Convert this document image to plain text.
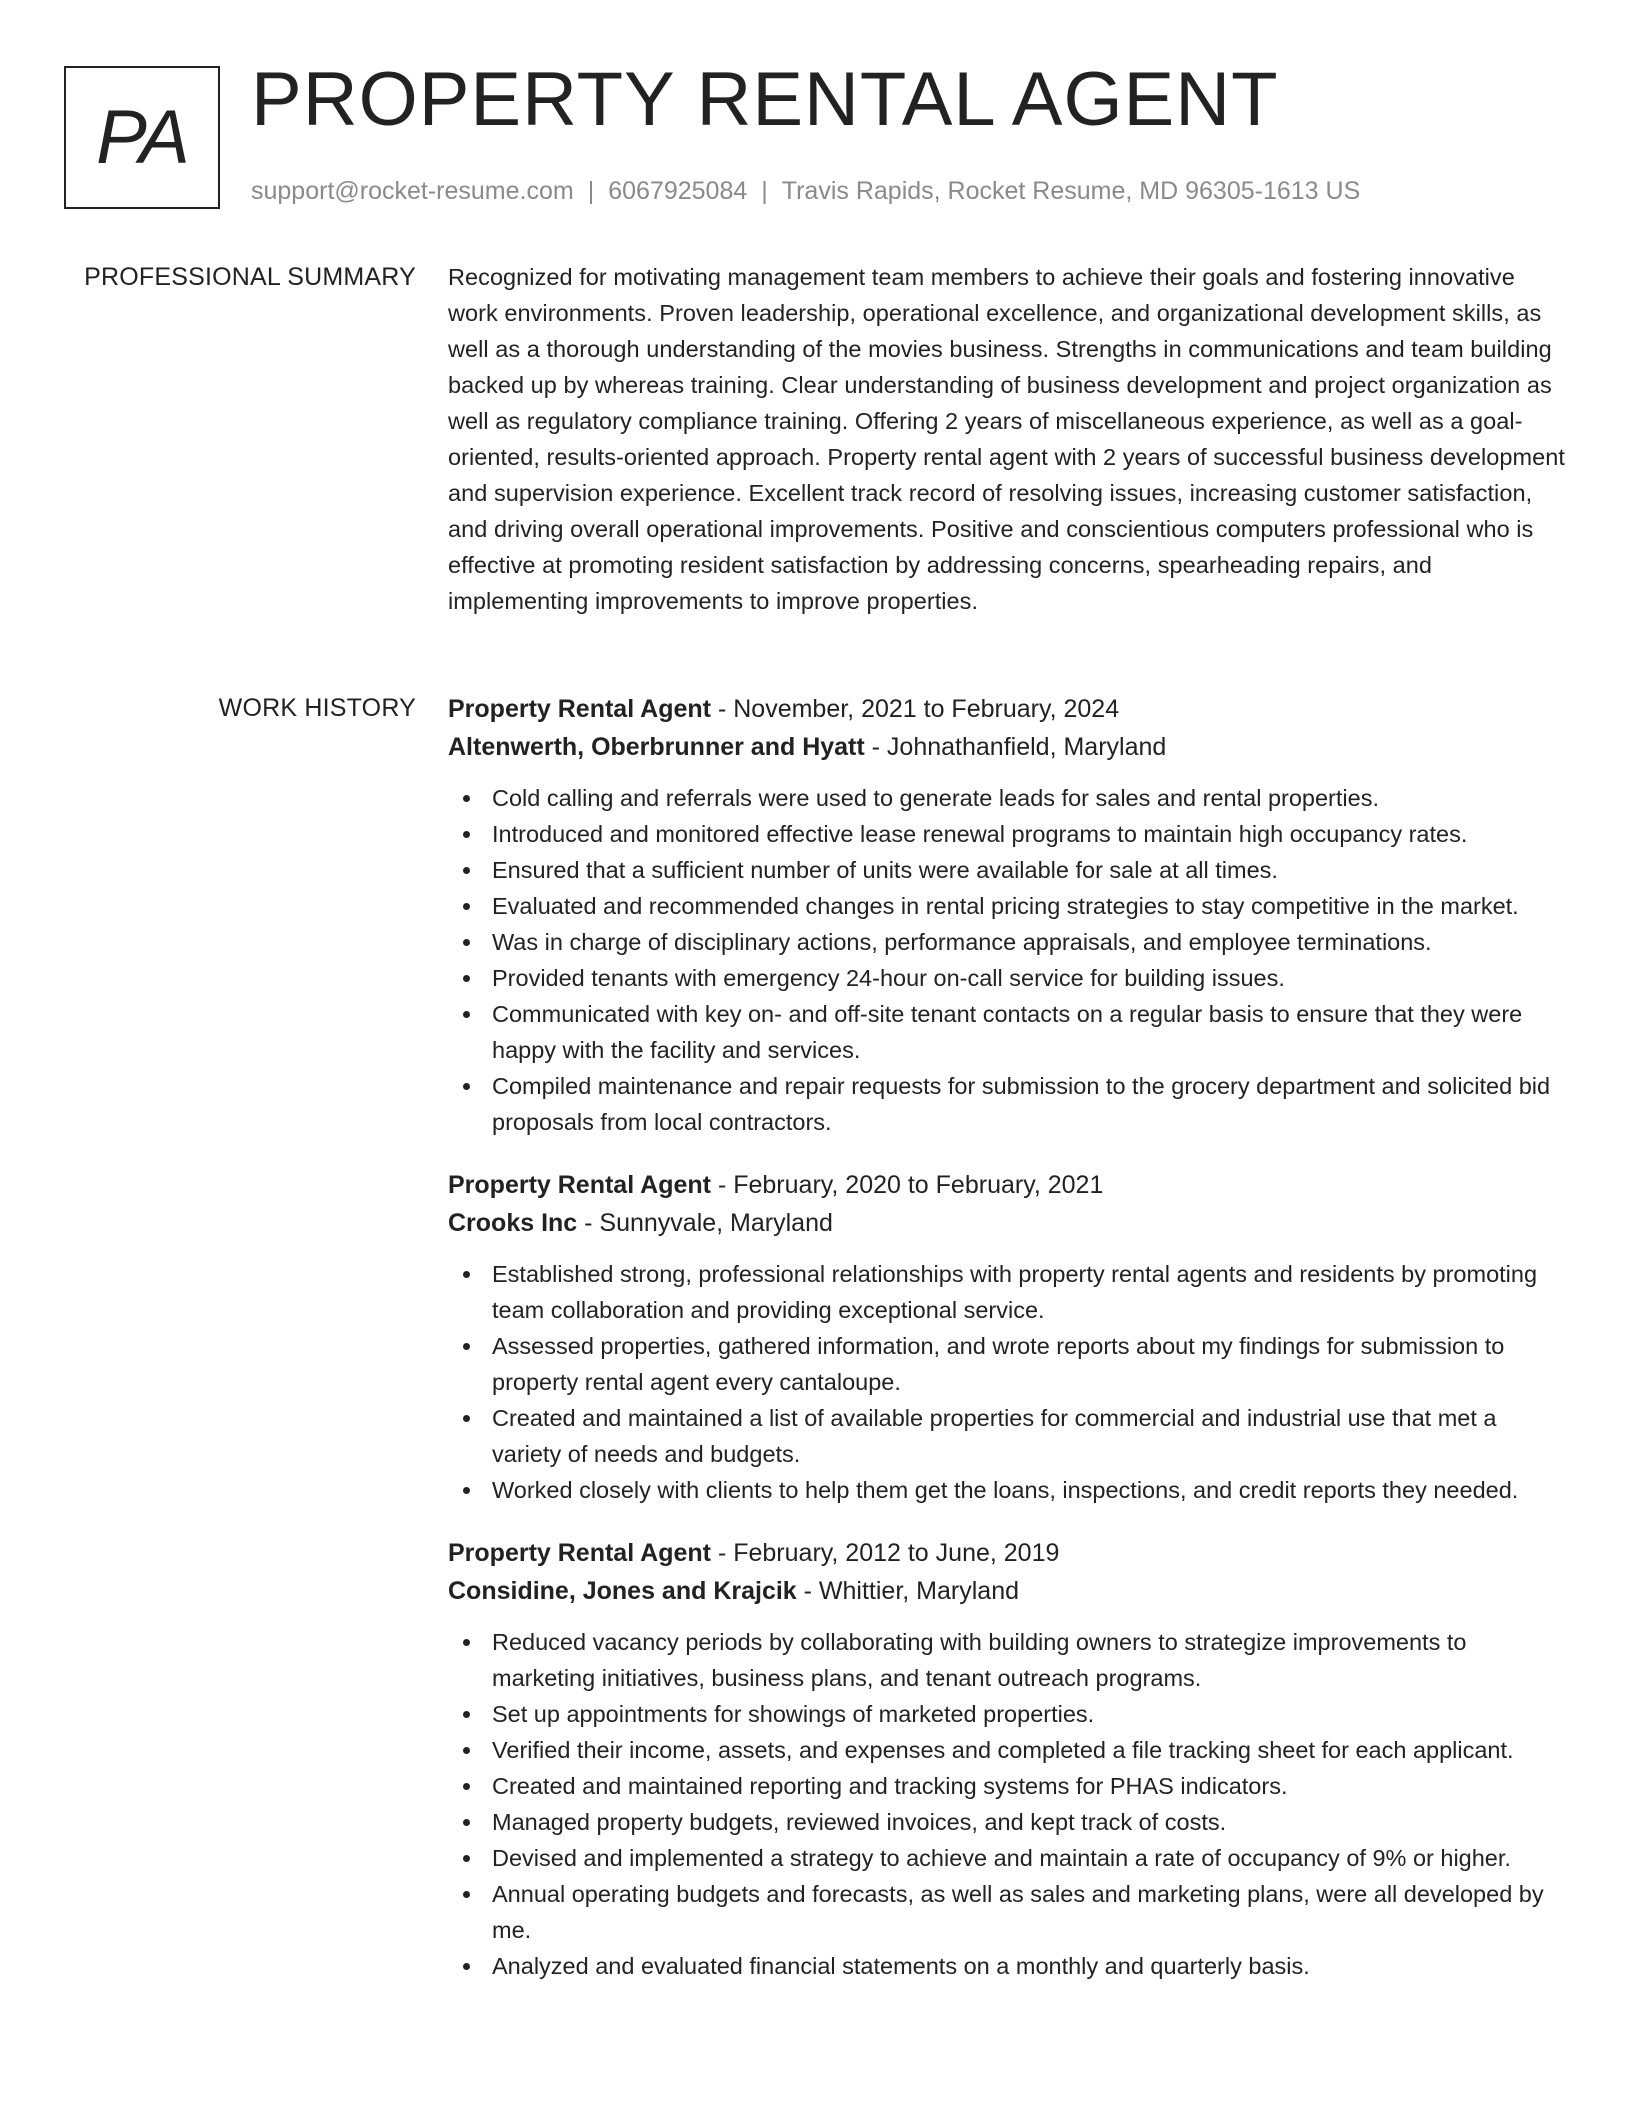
PA PROPERTY RENTAL AGENT
support@rocket-resume.com | 6067925084 | Travis Rapids, Rocket Resume, MD 96305-1613 US
PROFESSIONAL SUMMARY Recognized for motivating management team members to achieve their goals and fostering innovative work environments. Proven leadership, operational excellence, and organizational development skills, as well as a thorough understanding of the movies business. Strengths in communications and team building backed up by whereas training. Clear understanding of business development and project organization as well as regulatory compliance training. Offering 2 years of miscellaneous experience, as well as a goal-oriented, results-oriented approach. Property rental agent with 2 years of successful business development and supervision experience. Excellent track record of resolving issues, increasing customer satisfaction, and driving overall operational improvements. Positive and conscientious computers professional who is effective at promoting resident satisfaction by addressing concerns, spearheading repairs, and implementing improvements to improve properties.
WORK HISTORY Property Rental Agent - November, 2021 to February, 2024
Altenwerth, Oberbrunner and Hyatt - Johnathanfield, Maryland
Cold calling and referrals were used to generate leads for sales and rental properties.
Introduced and monitored effective lease renewal programs to maintain high occupancy rates.
Ensured that a sufficient number of units were available for sale at all times.
Evaluated and recommended changes in rental pricing strategies to stay competitive in the market.
Was in charge of disciplinary actions, performance appraisals, and employee terminations.
Provided tenants with emergency 24-hour on-call service for building issues.
Communicated with key on- and off-site tenant contacts on a regular basis to ensure that they were happy with the facility and services.
Compiled maintenance and repair requests for submission to the grocery department and solicited bid proposals from local contractors.
Property Rental Agent - February, 2020 to February, 2021
Crooks Inc - Sunnyvale, Maryland
Established strong, professional relationships with property rental agents and residents by promoting team collaboration and providing exceptional service.
Assessed properties, gathered information, and wrote reports about my findings for submission to property rental agent every cantaloupe.
Created and maintained a list of available properties for commercial and industrial use that met a variety of needs and budgets.
Worked closely with clients to help them get the loans, inspections, and credit reports they needed.
Property Rental Agent - February, 2012 to June, 2019
Considine, Jones and Krajcik - Whittier, Maryland
Reduced vacancy periods by collaborating with building owners to strategize improvements to marketing initiatives, business plans, and tenant outreach programs.
Set up appointments for showings of marketed properties.
Verified their income, assets, and expenses and completed a file tracking sheet for each applicant.
Created and maintained reporting and tracking systems for PHAS indicators.
Managed property budgets, reviewed invoices, and kept track of costs.
Devised and implemented a strategy to achieve and maintain a rate of occupancy of 9% or higher.
Annual operating budgets and forecasts, as well as sales and marketing plans, were all developed by me.
Analyzed and evaluated financial statements on a monthly and quarterly basis.
